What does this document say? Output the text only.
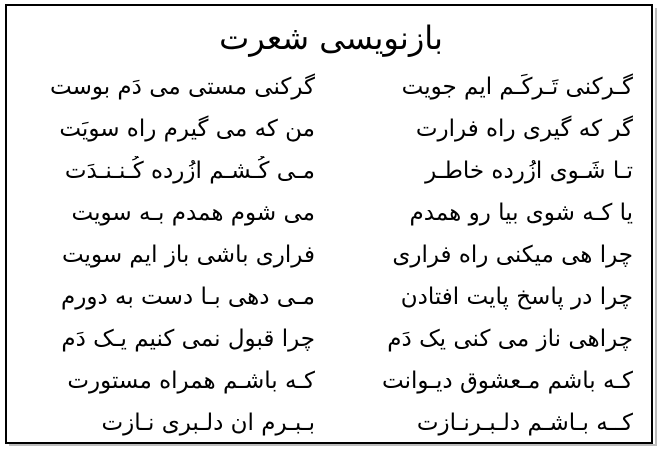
بازنویسی شعرت
گـرکنی تَـرکَـم ایم جویت
گرکنی مستی می دَم بوست
گر که گیری راه فرارت
من که می گیرم راه سویَت
تـا شَـوی ازُرده خاطـر
مـی کُـشـم ازُرده کُـنـنـدَت
یا کـه شوی بیا رو همدم
می شوم همدم بـه سویت
چرا هی میکنی راه فراری
فراری باشی باز ایم سویت
چرا در پاسخ پایت افتادن
مـی دهی بـا دست به دورم
چراهی ناز می کنی یک دَم
چرا قبول نمی کنیم یـک دَم
کـه باشم مـعشوق دیـوانت
کـه باشـم همراه مستورت
کــه بـاشـم دلـبـرنـازت
بـبـرم ان دلـبری نـازت
